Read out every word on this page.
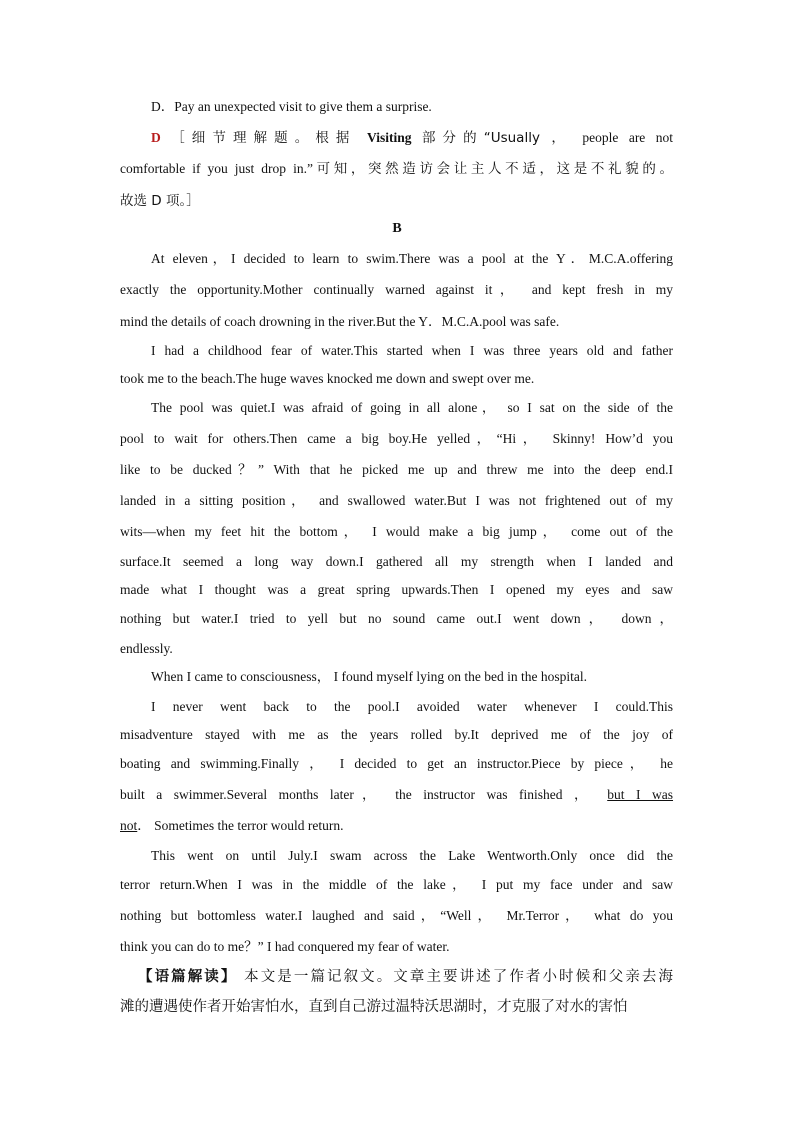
D．Pay an unexpected visit to give them a surprise.
D ［细节理解题。根据 Visiting 部分的“Usually ， people are not
comfortable if you just drop in.”可知，突然造访会让主人不适，这是不礼貌的。
故选 D 项。］
B
At eleven，I decided to learn to swim.There was a pool at the Y．M.C.A.offering
exactly the opportunity.Mother continually warned against it， and kept fresh in my
mind the details of coach drowning in the river.But the Y．M.C.A.pool was safe.
I had a childhood fear of water.This started when I was three years old and father
took me to the beach.The huge waves knocked me down and swept over me.
The pool was quiet.I was afraid of going in all alone， so I sat on the side of the
pool to wait for others.Then came a big boy.He yelled，“Hi， Skinny! How’d you
like to be ducked？” With that he picked me up and threw me into the deep end.I
landed in a sitting position， and swallowed water.But I was not frightened out of my
wits—when my feet hit the bottom， I would make a big jump， come out of the
surface.It seemed a long way down.I gathered all my strength when I landed and
made what I thought was a great spring upwards.Then I opened my eyes and saw
nothing but water.I tried to yell but no sound came out.I went down， down，
endlessly.
When I came to consciousness， I found myself lying on the bed in the hospital.
I never went back to the pool.I avoided water whenever I could.This
misadventure stayed with me as the years rolled by.It deprived me of the joy of
boating and swimming.Finally ， I decided to get an instructor.Piece by piece， he
built a swimmer.Several months later， the instructor was finished ， but I was
not． Sometimes the terror would return.
This went on until July.I swam across the Lake Wentworth.Only once did the
terror return.When I was in the middle of the lake， I put my face under and saw
nothing but bottomless water.I laughed and said，“Well， Mr.Terror， what do you
think you can do to me？” I had conquered my fear of water.
【语篇解读】 本文是一篇记叙文。文章主要讲述了作者小时候和父亲去海
滩的遭遇使作者开始害怕水，直到自己游过温特沃思湖时，才克服了对水的害怕
